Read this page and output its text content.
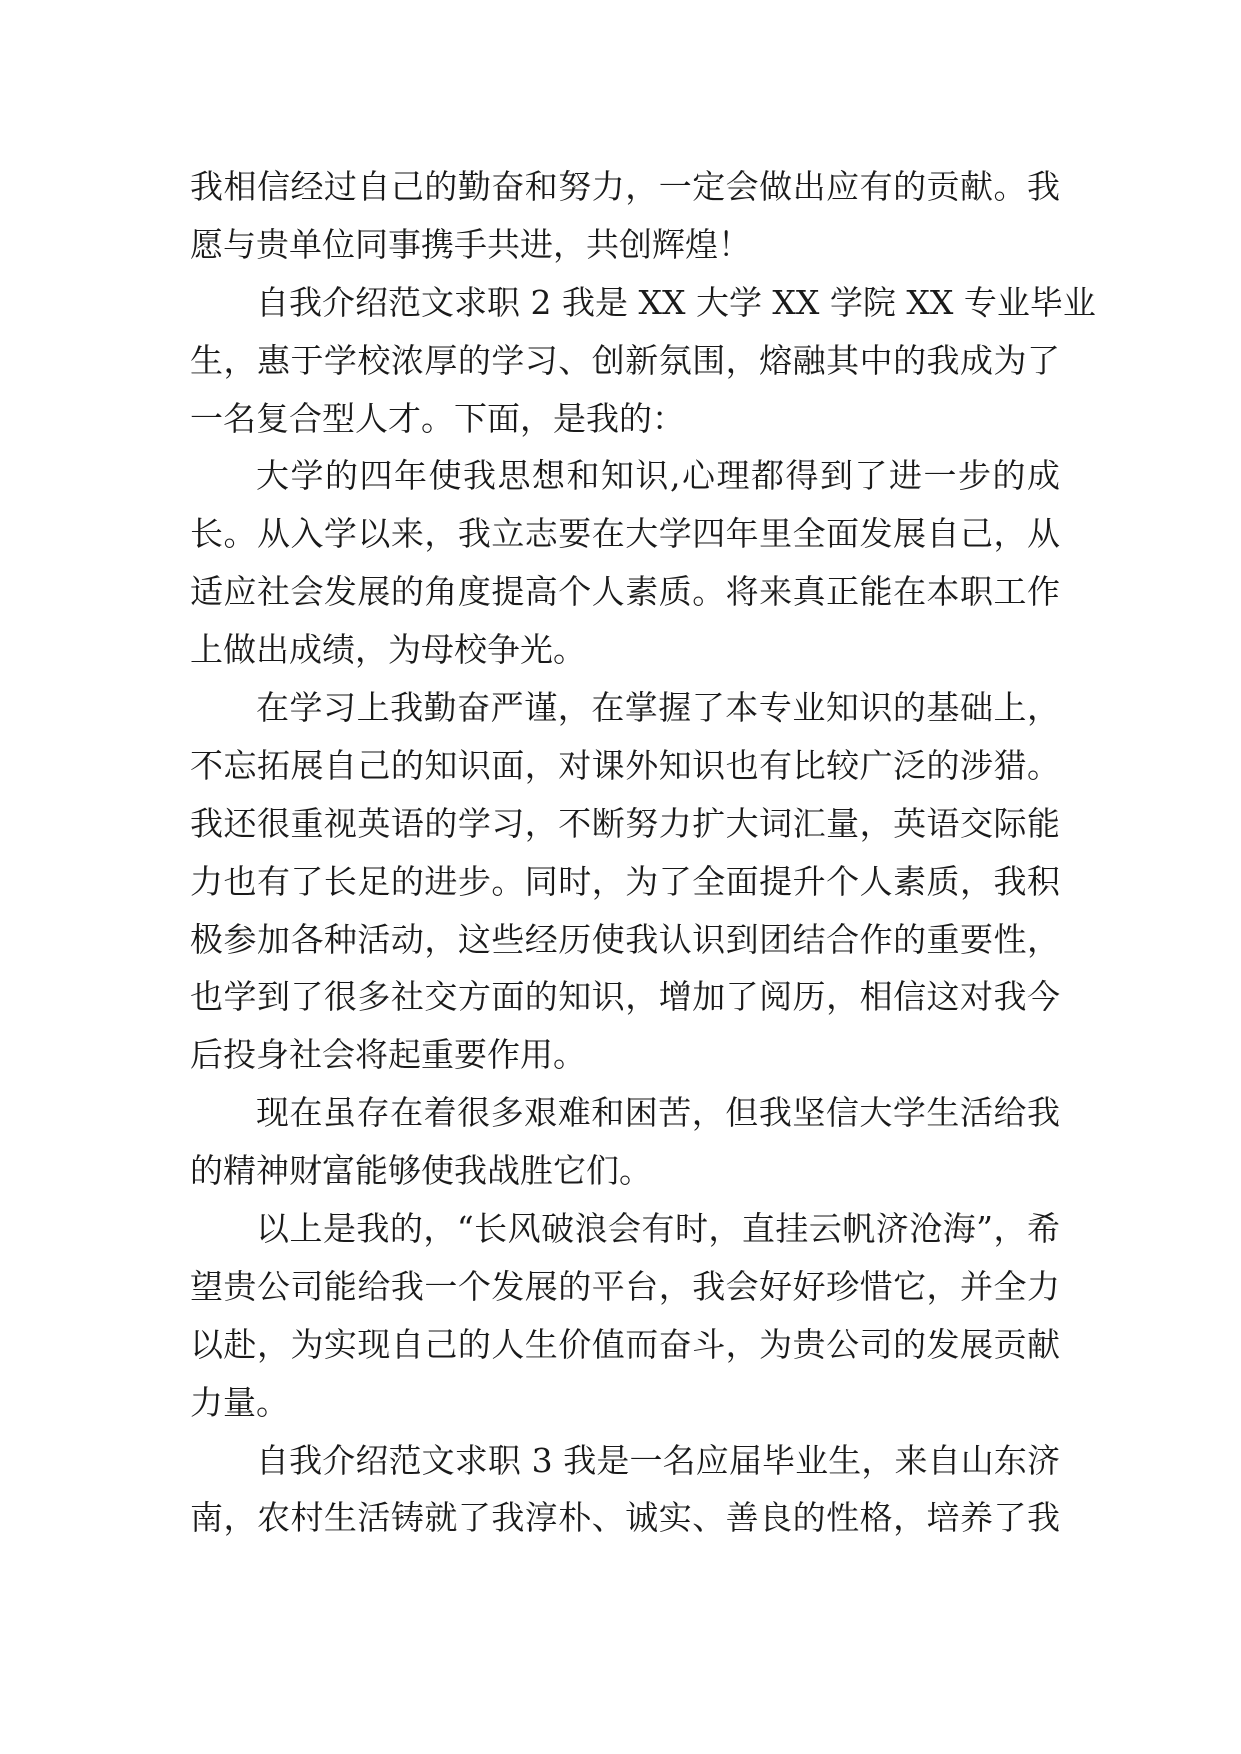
我相信经过自己的勤奋和努力，一定会做出应有的贡献。我
愿与贵单位同事携手共进，共创辉煌！
自我介绍范文求职 2 我是 XX 大学 XX 学院 XX 专业毕业
生，惠于学校浓厚的学习、创新氛围，熔融其中的我成为了
一名复合型人才。下面，是我的：
大学的四年使我思想和知识,心理都得到了进一步的成
长。从入学以来，我立志要在大学四年里全面发展自己，从
适应社会发展的角度提高个人素质。将来真正能在本职工作
上做出成绩，为母校争光。
在学习上我勤奋严谨，在掌握了本专业知识的基础上，
不忘拓展自己的知识面，对课外知识也有比较广泛的涉猎。
我还很重视英语的学习，不断努力扩大词汇量，英语交际能
力也有了长足的进步。同时，为了全面提升个人素质，我积
极参加各种活动，这些经历使我认识到团结合作的重要性，
也学到了很多社交方面的知识，增加了阅历，相信这对我今
后投身社会将起重要作用。
现在虽存在着很多艰难和困苦，但我坚信大学生活给我
的精神财富能够使我战胜它们。
以上是我的，“长风破浪会有时，直挂云帆济沧海”，希
望贵公司能给我一个发展的平台，我会好好珍惜它，并全力
以赴，为实现自己的人生价值而奋斗，为贵公司的发展贡献
力量。
自我介绍范文求职 3 我是一名应届毕业生，来自山东济
南，农村生活铸就了我淳朴、诚实、善良的性格，培养了我
